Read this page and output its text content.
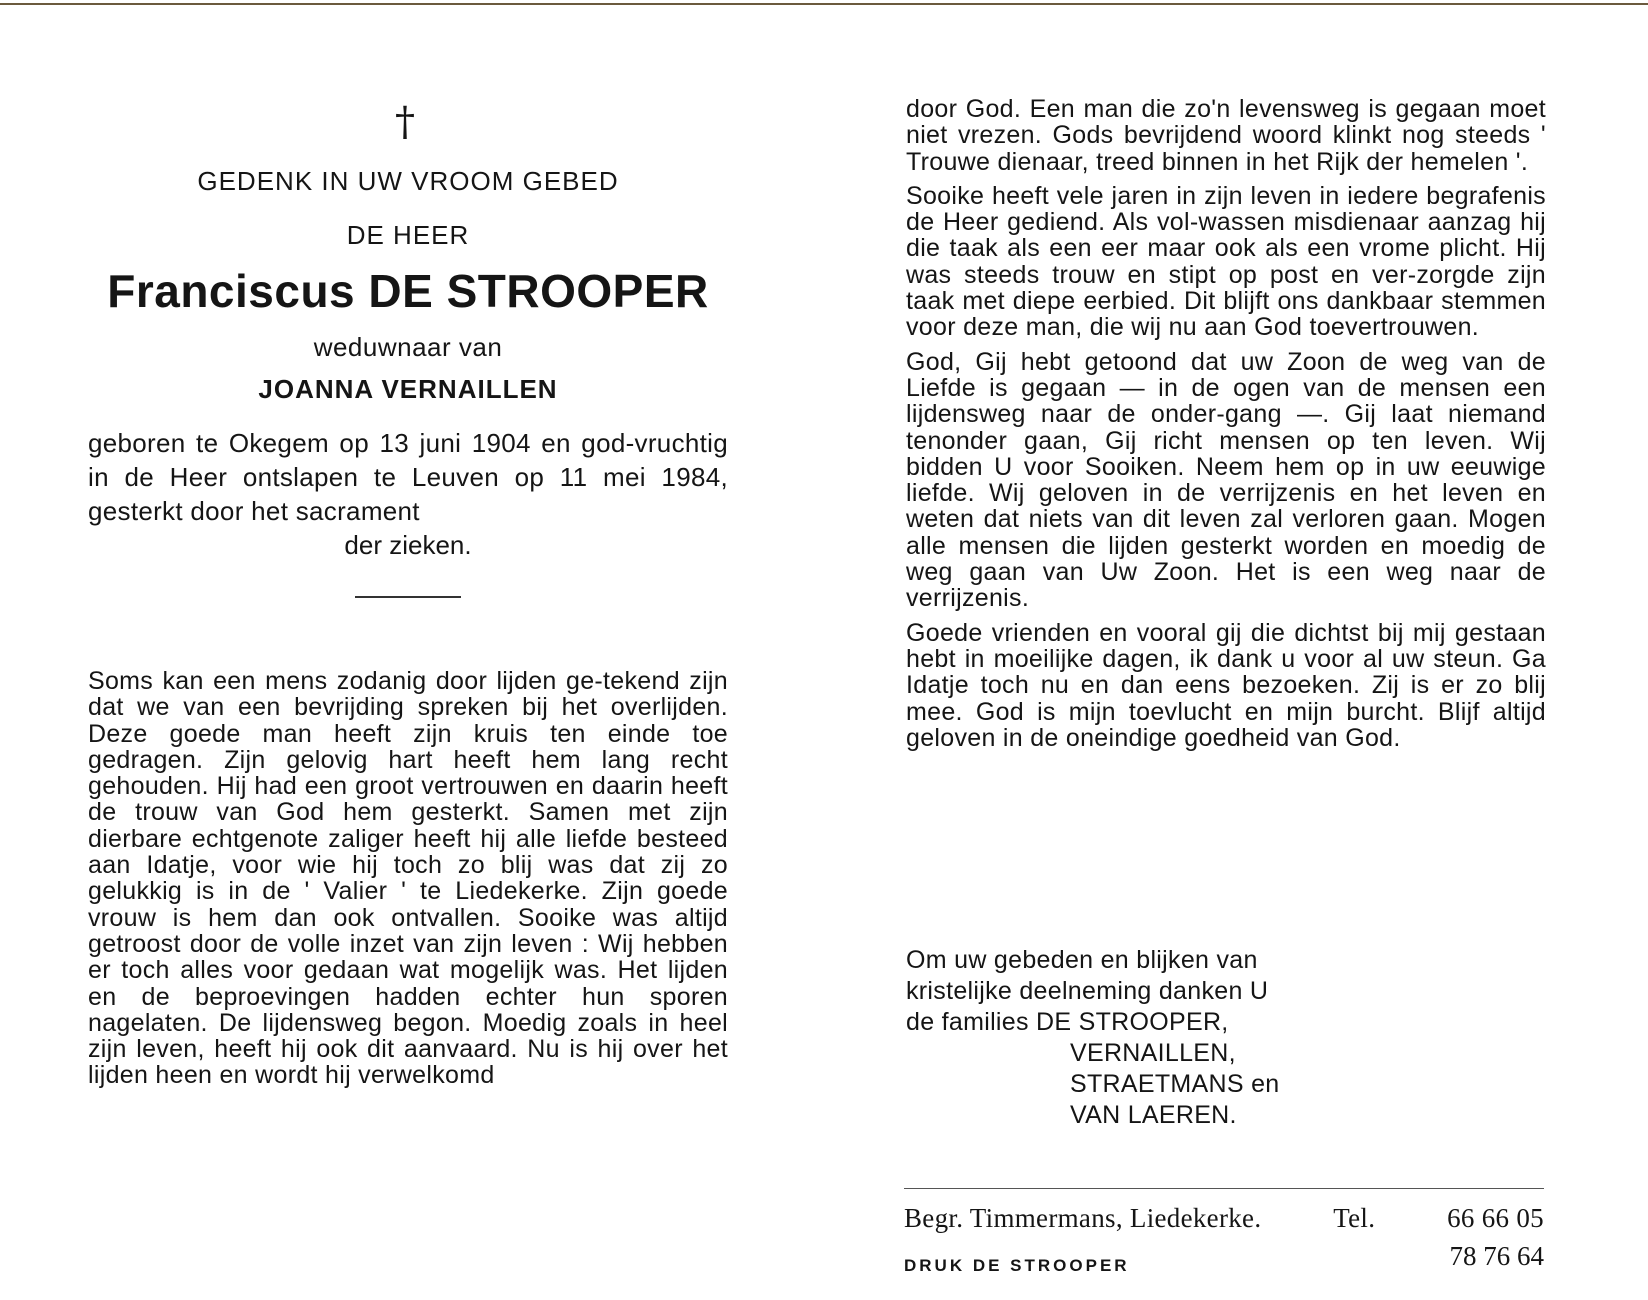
†
GEDENK IN UW VROOM GEBED
DE HEER
Franciscus DE STROOPER
weduwnaar van
JOANNA VERNAILLEN
geboren te Okegem op 13 juni 1904 en god-vruchtig in de Heer ontslapen te Leuven op 11 mei 1984, gesterkt door het sacrament
der zieken.
Soms kan een mens zodanig door lijden ge-tekend zijn dat we van een bevrijding spreken bij het overlijden. Deze goede man heeft zijn kruis ten einde toe gedragen. Zijn gelovig hart heeft hem lang recht gehouden. Hij had een groot vertrouwen en daarin heeft de trouw van God hem gesterkt. Samen met zijn dierbare echtgenote zaliger heeft hij alle liefde besteed aan Idatje, voor wie hij toch zo blij was dat zij zo gelukkig is in de ' Valier ' te Liedekerke. Zijn goede vrouw is hem dan ook ontvallen. Sooike was altijd getroost door de volle inzet van zijn leven : Wij hebben er toch alles voor gedaan wat mogelijk was. Het lijden en de beproevingen hadden echter hun sporen nagelaten. De lijdensweg begon. Moedig zoals in heel zijn leven, heeft hij ook dit aanvaard. Nu is hij over het lijden heen en wordt hij verwelkomd
door God. Een man die zo'n levensweg is gegaan moet niet vrezen. Gods bevrijdend woord klinkt nog steeds ' Trouwe dienaar, treed binnen in het Rijk der hemelen '.
Sooike heeft vele jaren in zijn leven in iedere begrafenis de Heer gediend. Als vol-wassen misdienaar aanzag hij die taak als een eer maar ook als een vrome plicht. Hij was steeds trouw en stipt op post en ver-zorgde zijn taak met diepe eerbied. Dit blijft ons dankbaar stemmen voor deze man, die wij nu aan God toevertrouwen.
God, Gij hebt getoond dat uw Zoon de weg van de Liefde is gegaan — in de ogen van de mensen een lijdensweg naar de onder-gang —. Gij laat niemand tenonder gaan, Gij richt mensen op ten leven. Wij bidden U voor Sooiken. Neem hem op in uw eeuwige liefde. Wij geloven in de verrijzenis en het leven en weten dat niets van dit leven zal verloren gaan. Mogen alle mensen die lijden gesterkt worden en moedig de weg gaan van Uw Zoon. Het is een weg naar de verrijzenis.
Goede vrienden en vooral gij die dichtst bij mij gestaan hebt in moeilijke dagen, ik dank u voor al uw steun. Ga Idatje toch nu en dan eens bezoeken. Zij is er zo blij mee. God is mijn toevlucht en mijn burcht. Blijf altijd geloven in de oneindige goedheid van God.
Om uw gebeden en blijken van
kristelijke deelneming danken U
de families DE STROOPER,
VERNAILLEN,
STRAETMANS en
VAN LAEREN.
Begr. Timmermans, Liedekerke.	Tel.	66 66 05
78 76 64
DRUK DE STROOPER
